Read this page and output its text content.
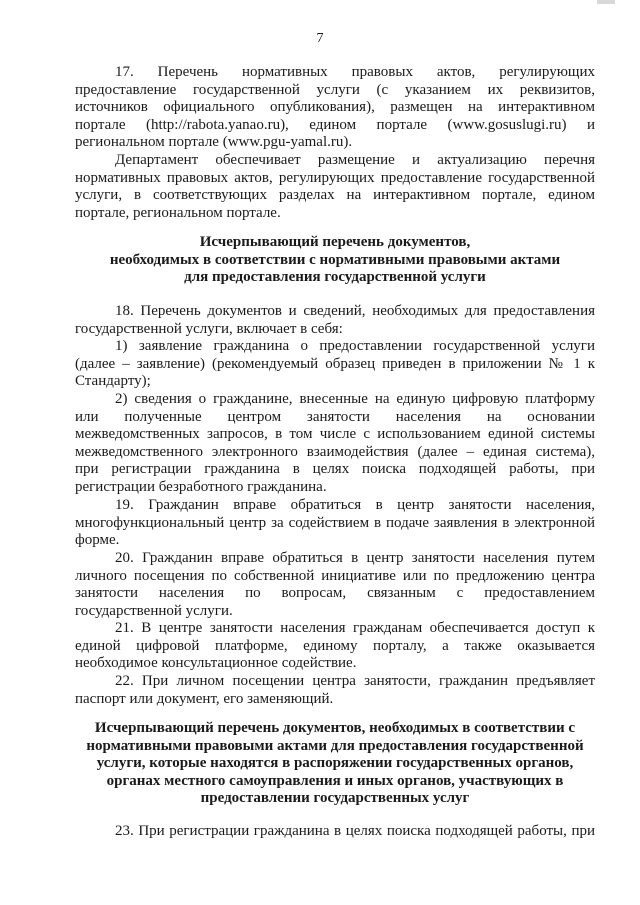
7
17. Перечень нормативных правовых актов, регулирующих
предоставление государственной услуги (с указанием их реквизитов,
источников официального опубликования), размещен на интерактивном
портале (http://rabota.yanao.ru), едином портале (www.gosuslugi.ru) и
региональном портале (www.pgu-yamal.ru).
Департамент обеспечивает размещение и актуализацию перечня
нормативных правовых актов, регулирующих предоставление государственной
услуги, в соответствующих разделах на интерактивном портале, едином
портале, региональном портале.
Исчерпывающий перечень документов,
необходимых в соответствии с нормативными правовыми актами
для предоставления государственной услуги
18. Перечень документов и сведений, необходимых для предоставления
государственной услуги, включает в себя:
1) заявление гражданина о предоставлении государственной услуги
(далее – заявление) (рекомендуемый образец приведен в приложении № 1 к
Стандарту);
2) сведения о гражданине, внесенные на единую цифровую платформу
или полученные центром занятости населения на основании
межведомственных запросов, в том числе с использованием единой системы
межведомственного электронного взаимодействия (далее – единая система),
при регистрации гражданина в целях поиска подходящей работы, при
регистрации безработного гражданина.
19. Гражданин вправе обратиться в центр занятости населения,
многофункциональный центр за содействием в подаче заявления в электронной
форме.
20. Гражданин вправе обратиться в центр занятости населения путем
личного посещения по собственной инициативе или по предложению центра
занятости населения по вопросам, связанным с предоставлением
государственной услуги.
21. В центре занятости населения гражданам обеспечивается доступ к
единой цифровой платформе, единому порталу, а также оказывается
необходимое консультационное содействие.
22. При личном посещении центра занятости, гражданин предъявляет
паспорт или документ, его заменяющий.
Исчерпывающий перечень документов, необходимых в соответствии с
нормативными правовыми актами для предоставления государственной
услуги, которые находятся в распоряжении государственных органов,
органах местного самоуправления и иных органов, участвующих в
предоставлении государственных услуг
23. При регистрации гражданина в целях поиска подходящей работы, при
